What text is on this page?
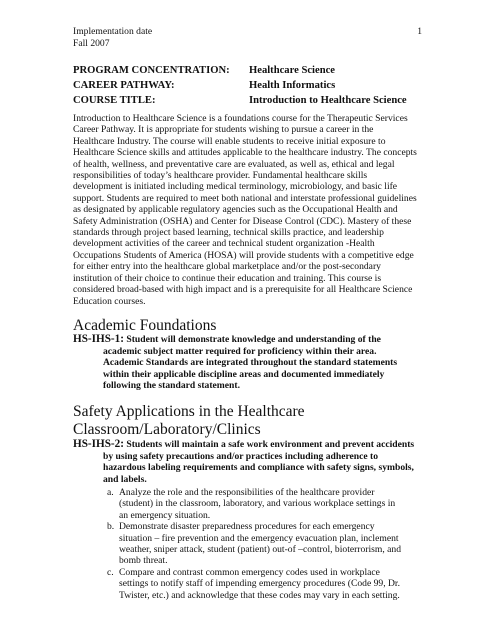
Implementation date
Fall 2007
1
PROGRAM CONCENTRATION:	Healthcare Science
CAREER PATHWAY:	Health Informatics
COURSE TITLE:	Introduction to Healthcare Science
Introduction to Healthcare Science is a foundations course for the Therapeutic Services
Career Pathway. It is appropriate for students wishing to pursue a career in the
Healthcare Industry. The course will enable students to receive initial exposure to
Healthcare Science skills and attitudes applicable to the healthcare industry. The concepts
of health, wellness, and preventative care are evaluated, as well as, ethical and legal
responsibilities of today’s healthcare provider. Fundamental healthcare skills
development is initiated including medical terminology, microbiology, and basic life
support. Students are required to meet both national and interstate professional guidelines
as designated by applicable regulatory agencies such as the Occupational Health and
Safety Administration (OSHA) and Center for Disease Control (CDC). Mastery of these
standards through project based learning, technical skills practice, and leadership
development activities of the career and technical student organization -Health
Occupations Students of America (HOSA) will provide students with a competitive edge
for either entry into the healthcare global marketplace and/or the post-secondary
institution of their choice to continue their education and training. This course is
considered broad-based with high impact and is a prerequisite for all Healthcare Science
Education courses.
Academic Foundations
HS-IHS-1: Student will demonstrate knowledge and understanding of the
academic subject matter required for proficiency within their area.
Academic Standards are integrated throughout the standard statements
within their applicable discipline areas and documented immediately
following the standard statement.
Safety Applications in the Healthcare
Classroom/Laboratory/Clinics
HS-IHS-2: Students will maintain a safe work environment and prevent accidents
by using safety precautions and/or practices including adherence to
hazardous labeling requirements and compliance with safety signs, symbols,
and labels.
a. Analyze the role and the responsibilities of the healthcare provider
(student) in the classroom, laboratory, and various workplace settings in
an emergency situation.
b. Demonstrate disaster preparedness procedures for each emergency
situation – fire prevention and the emergency evacuation plan, inclement
weather, sniper attack, student (patient) out-of –control, bioterrorism, and
bomb threat.
c. Compare and contrast common emergency codes used in workplace
settings to notify staff of impending emergency procedures (Code 99, Dr.
Twister, etc.) and acknowledge that these codes may vary in each setting.
